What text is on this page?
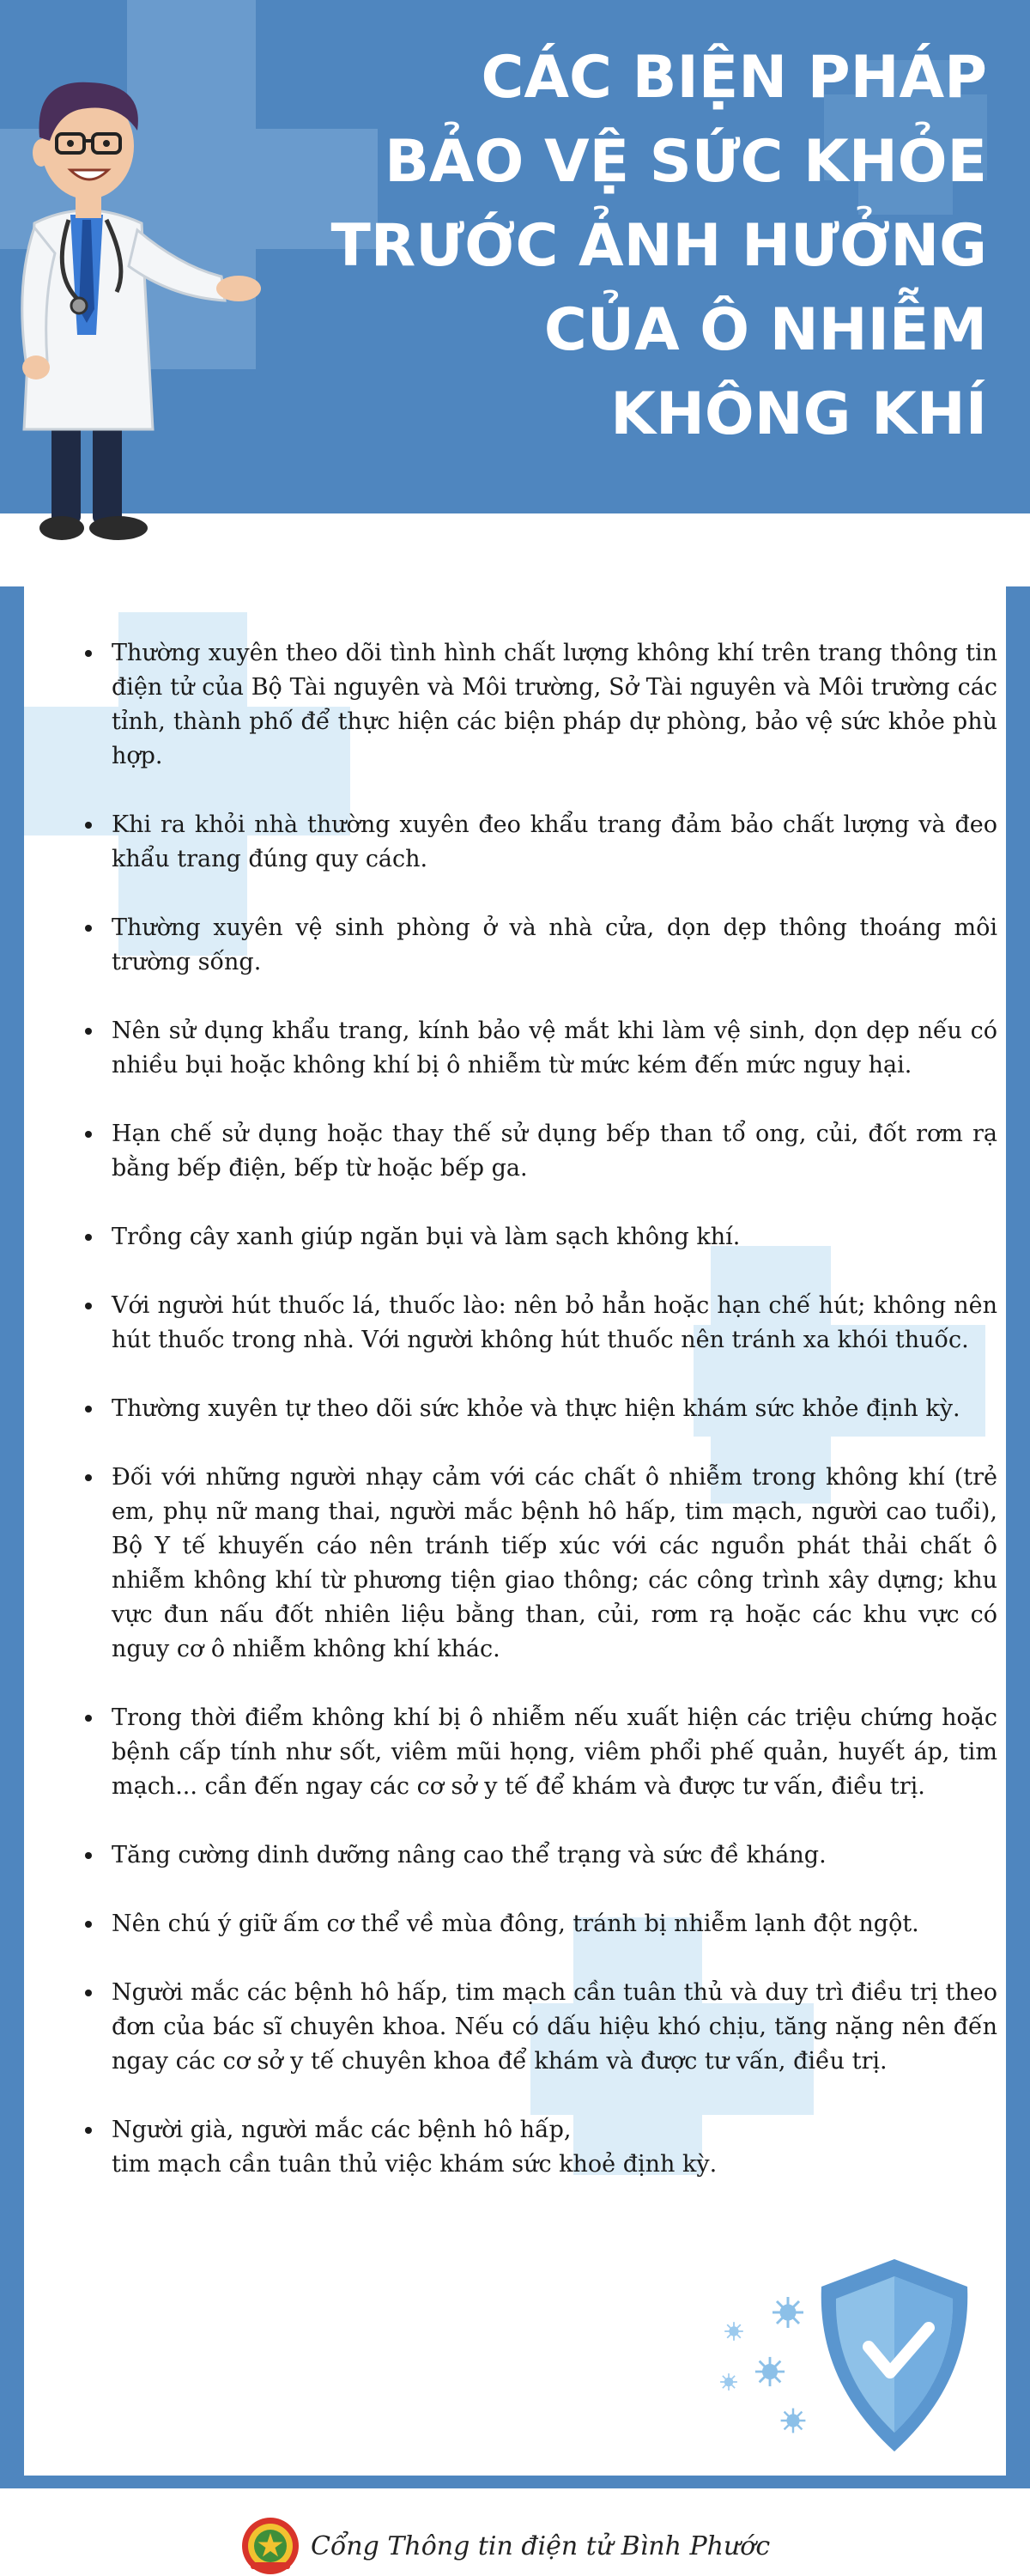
CÁC BIỆN PHÁP
BẢO VỆ SỨC KHỎE
TRƯỚC ẢNH HƯỞNG
CỦA Ô NHIỄM
KHÔNG KHÍ
• Thường xuyên theo dõi tình hình chất lượng không khí trên trang thông tin điện tử của Bộ Tài nguyên và Môi trường, Sở Tài nguyên và Môi trường các tỉnh, thành phố để thực hiện các biện pháp dự phòng, bảo vệ sức khỏe phù hợp.
• Khi ra khỏi nhà thường xuyên đeo khẩu trang đảm bảo chất lượng và đeo khẩu trang đúng quy cách.
• Thường xuyên vệ sinh phòng ở và nhà cửa, dọn dẹp thông thoáng môi trường sống.
• Nên sử dụng khẩu trang, kính bảo vệ mắt khi làm vệ sinh, dọn dẹp nếu có nhiều bụi hoặc không khí bị ô nhiễm từ mức kém đến mức nguy hại.
• Hạn chế sử dụng hoặc thay thế sử dụng bếp than tổ ong, củi, đốt rơm rạ bằng bếp điện, bếp từ hoặc bếp ga.
• Trồng cây xanh giúp ngăn bụi và làm sạch không khí.
• Với người hút thuốc lá, thuốc lào: nên bỏ hẳn hoặc hạn chế hút; không nên hút thuốc trong nhà. Với người không hút thuốc nên tránh xa khói thuốc.
• Thường xuyên tự theo dõi sức khỏe và thực hiện khám sức khỏe định kỳ.
• Đối với những người nhạy cảm với các chất ô nhiễm trong không khí (trẻ em, phụ nữ mang thai, người mắc bệnh hô hấp, tim mạch, người cao tuổi), Bộ Y tế khuyến cáo nên tránh tiếp xúc với các nguồn phát thải chất ô nhiễm không khí từ phương tiện giao thông; các công trình xây dựng; khu vực đun nấu đốt nhiên liệu bằng than, củi, rơm rạ hoặc các khu vực có nguy cơ ô nhiễm không khí khác.
• Trong thời điểm không khí bị ô nhiễm nếu xuất hiện các triệu chứng hoặc bệnh cấp tính như sốt, viêm mũi họng, viêm phổi phế quản, huyết áp, tim mạch... cần đến ngay các cơ sở y tế để khám và được tư vấn, điều trị.
• Tăng cường dinh dưỡng nâng cao thể trạng và sức đề kháng.
• Nên chú ý giữ ấm cơ thể về mùa đông, tránh bị nhiễm lạnh đột ngột.
• Người mắc các bệnh hô hấp, tim mạch cần tuân thủ và duy trì điều trị theo đơn của bác sĩ chuyên khoa. Nếu có dấu hiệu khó chịu, tăng nặng nên đến ngay các cơ sở y tế chuyên khoa để khám và được tư vấn, điều trị.
• Người già, người mắc các bệnh hô hấp,
tim mạch cần tuân thủ việc khám sức khoẻ định kỳ.
Cổng Thông tin điện tử Bình Phước
